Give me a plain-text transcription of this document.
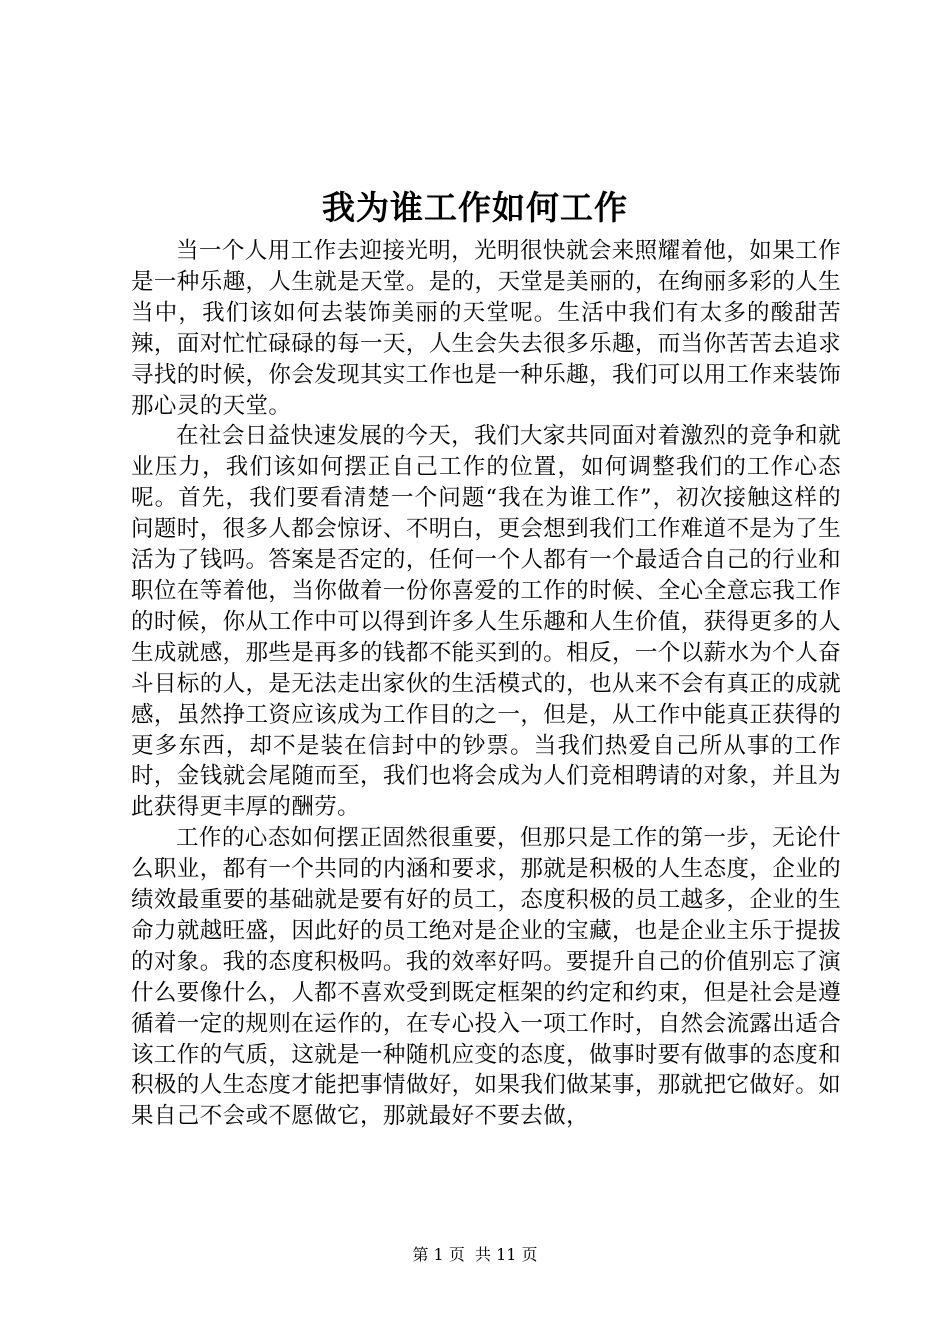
我为谁工作如何工作

当一个人用工作去迎接光明，光明很快就会来照耀着他，如果工作是一种乐趣，人生就是天堂。是的，天堂是美丽的，在绚丽多彩的人生当中，我们该如何去装饰美丽的天堂呢。生活中我们有太多的酸甜苦辣，面对忙忙碌碌的每一天，人生会失去很多乐趣，而当你苦苦去追求寻找的时候，你会发现其实工作也是一种乐趣，我们可以用工作来装饰那心灵的天堂。

在社会日益快速发展的今天，我们大家共同面对着激烈的竞争和就业压力，我们该如何摆正自己工作的位置，如何调整我们的工作心态呢。首先，我们要看清楚一个问题“我在为谁工作”，初次接触这样的问题时，很多人都会惊讶、不明白，更会想到我们工作难道不是为了生活为了钱吗。答案是否定的，任何一个人都有一个最适合自己的行业和职位在等着他，当你做着一份你喜爱的工作的时候、全心全意忘我工作的时候，你从工作中可以得到许多人生乐趣和人生价值，获得更多的人生成就感，那些是再多的钱都不能买到的。相反，一个以薪水为个人奋斗目标的人，是无法走出家伙的生活模式的，也从来不会有真正的成就感，虽然挣工资应该成为工作目的之一，但是，从工作中能真正获得的更多东西，却不是装在信封中的钞票。当我们热爱自己所从事的工作时，金钱就会尾随而至，我们也将会成为人们竞相聘请的对象，并且为此获得更丰厚的酬劳。

工作的心态如何摆正固然很重要，但那只是工作的第一步，无论什么职业，都有一个共同的内涵和要求，那就是积极的人生态度，企业的绩效最重要的基础就是要有好的员工，态度积极的员工越多，企业的生命力就越旺盛，因此好的员工绝对是企业的宝藏，也是企业主乐于提拔的对象。我的态度积极吗。我的效率好吗。要提升自己的价值别忘了演什么要像什么，人都不喜欢受到既定框架的约定和约束，但是社会是遵循着一定的规则在运作的，在专心投入一项工作时，自然会流露出适合该工作的气质，这就是一种随机应变的态度，做事时要有做事的态度和积极的人生态度才能把事情做好，如果我们做某事，那就把它做好。如果自己不会或不愿做它，那就最好不要去做，

第 1 页  共 11 页
